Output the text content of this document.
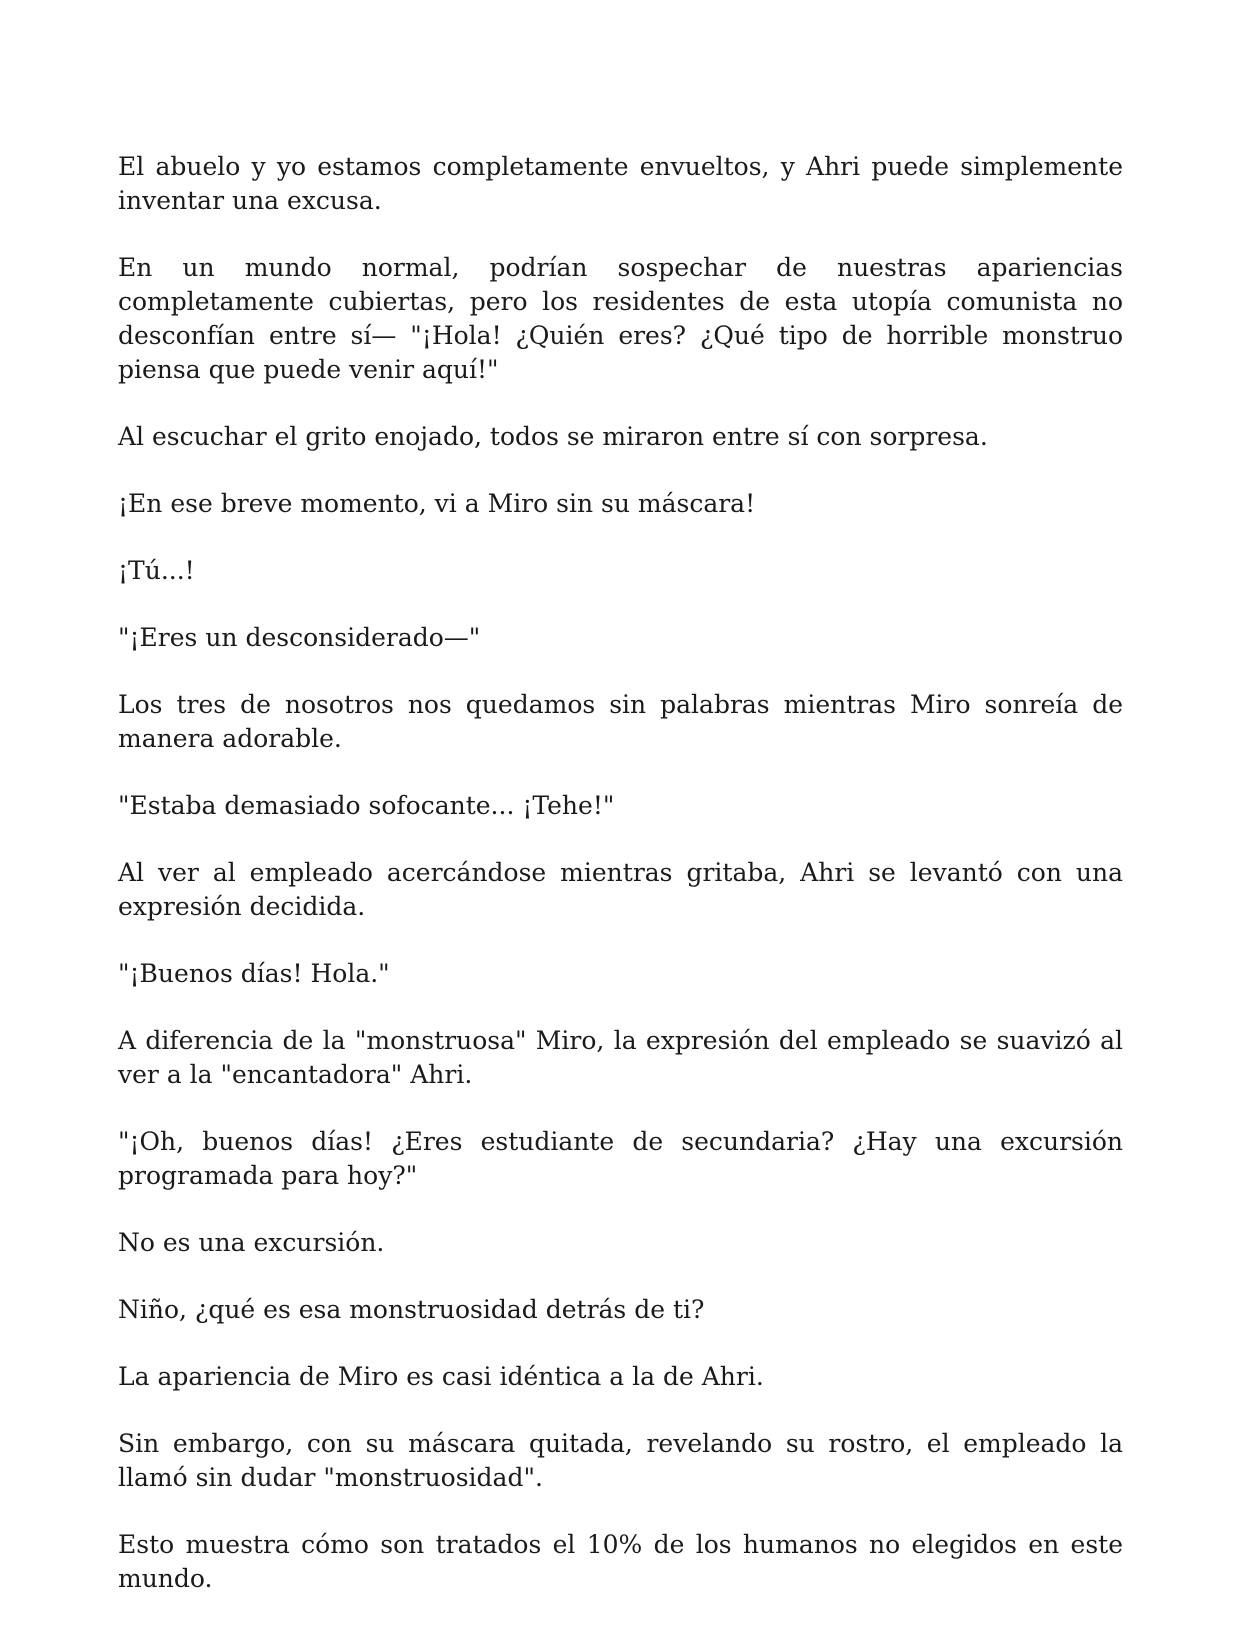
El abuelo y yo estamos completamente envueltos, y Ahri puede simplemente inventar una excusa.

En un mundo normal, podrían sospechar de nuestras apariencias completamente cubiertas, pero los residentes de esta utopía comunista no desconfían entre sí— "¡Hola! ¿Quién eres? ¿Qué tipo de horrible monstruo piensa que puede venir aquí!"

Al escuchar el grito enojado, todos se miraron entre sí con sorpresa.

¡En ese breve momento, vi a Miro sin su máscara!

¡Tú...!

"¡Eres un desconsiderado—"

Los tres de nosotros nos quedamos sin palabras mientras Miro sonreía de manera adorable.

"Estaba demasiado sofocante... ¡Tehe!"

Al ver al empleado acercándose mientras gritaba, Ahri se levantó con una expresión decidida.

"¡Buenos días! Hola."

A diferencia de la "monstruosa" Miro, la expresión del empleado se suavizó al ver a la "encantadora" Ahri.

"¡Oh, buenos días! ¿Eres estudiante de secundaria? ¿Hay una excursión programada para hoy?"

No es una excursión.

Niño, ¿qué es esa monstruosidad detrás de ti?

La apariencia de Miro es casi idéntica a la de Ahri.

Sin embargo, con su máscara quitada, revelando su rostro, el empleado la llamó sin dudar "monstruosidad".

Esto muestra cómo son tratados el 10% de los humanos no elegidos en este mundo.
